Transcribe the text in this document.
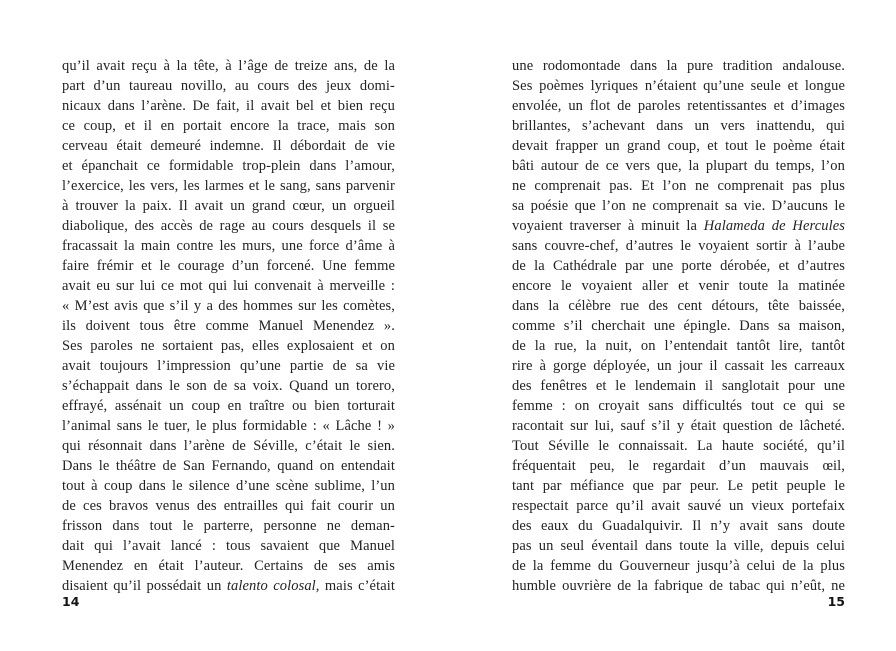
qu’il avait reçu à la tête, à l’âge de treize ans, de la
part d’un taureau novillo, au cours des jeux domi-
nicaux dans l’arène. De fait, il avait bel et bien reçu
ce coup, et il en portait encore la trace, mais son
cerveau était demeuré indemne. Il débordait de vie
et épanchait ce formidable trop-plein dans l’amour,
l’exercice, les vers, les larmes et le sang, sans parvenir
à trouver la paix. Il avait un grand cœur, un orgueil
diabolique, des accès de rage au cours desquels il se
fracassait la main contre les murs, une force d’âme à
faire frémir et le courage d’un forcené. Une femme
avait eu sur lui ce mot qui lui convenait à merveille :
« M’est avis que s’il y a des hommes sur les comètes,
ils doivent tous être comme Manuel Menendez ».
Ses paroles ne sortaient pas, elles explosaient et on
avait toujours l’impression qu’une partie de sa vie
s’échappait dans le son de sa voix. Quand un torero,
effrayé, assénait un coup en traître ou bien torturait
l’animal sans le tuer, le plus formidable : « Lâche ! »
qui résonnait dans l’arène de Séville, c’était le sien.
Dans le théâtre de San Fernando, quand on entendait
tout à coup dans le silence d’une scène sublime, l’un
de ces bravos venus des entrailles qui fait courir un
frisson dans tout le parterre, personne ne deman-
dait qui l’avait lancé : tous savaient que Manuel
Menendez en était l’auteur. Certains de ses amis
disaient qu’il possédait un talento colosal, mais c’était
une rodomontade dans la pure tradition andalouse.
Ses poèmes lyriques n’étaient qu’une seule et longue
envolée, un flot de paroles retentissantes et d’images
brillantes, s’achevant dans un vers inattendu, qui
devait frapper un grand coup, et tout le poème était
bâti autour de ce vers que, la plupart du temps, l’on
ne comprenait pas. Et l’on ne comprenait pas plus
sa poésie que l’on ne comprenait sa vie. D’aucuns le
voyaient traverser à minuit la Halameda de Hercules
sans couvre-chef, d’autres le voyaient sortir à l’aube
de la Cathédrale par une porte dérobée, et d’autres
encore le voyaient aller et venir toute la matinée
dans la célèbre rue des cent détours, tête baissée,
comme s’il cherchait une épingle. Dans sa maison,
de la rue, la nuit, on l’entendait tantôt lire, tantôt
rire à gorge déployée, un jour il cassait les carreaux
des fenêtres et le lendemain il sanglotait pour une
femme : on croyait sans difficultés tout ce qui se
racontait sur lui, sauf s’il y était question de lâcheté.
Tout Séville le connaissait. La haute société, qu’il
fréquentait peu, le regardait d’un mauvais œil,
tant par méfiance que par peur. Le petit peuple le
respectait parce qu’il avait sauvé un vieux portefaix
des eaux du Guadalquivir. Il n’y avait sans doute
pas un seul éventail dans toute la ville, depuis celui
de la femme du Gouverneur jusqu’à celui de la plus
humble ouvrière de la fabrique de tabac qui n’eût, ne
14	15
